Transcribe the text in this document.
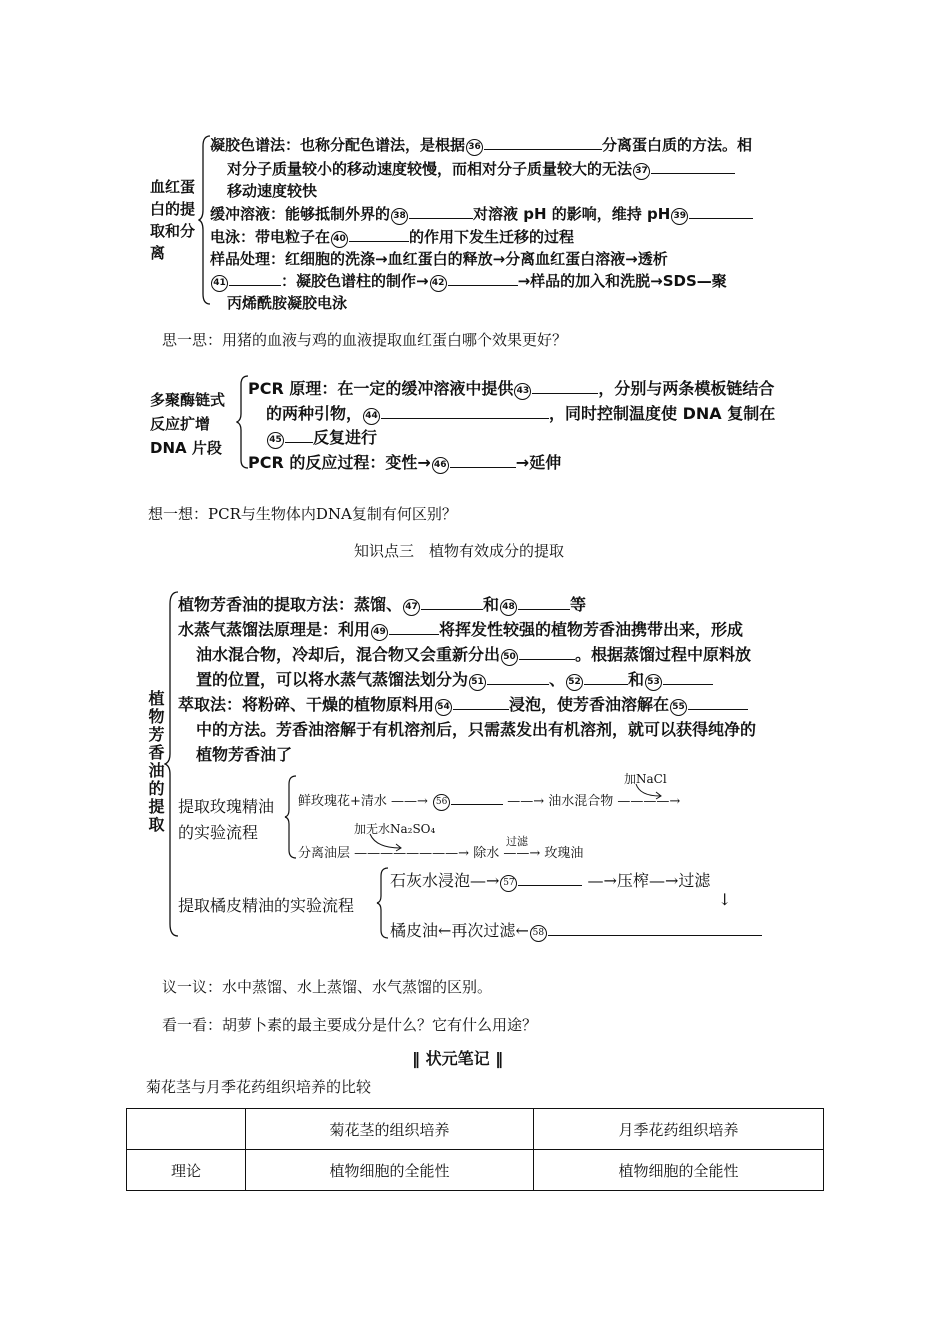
血红蛋
白的提
取和分
离
凝胶色谱法：也称分配色谱法，是根据 36	分离蛋白质的方法。相
对分子质量较小的移动速度较慢，而相对分子质量较大的无法 37
移动速度较快
缓冲溶液：能够抵制外界的 38	对溶液 pH 的影响，维持 pH 39
电泳：带电粒子在 40	的作用下发生迁移的过程
样品处理：红细胞的洗涤→血红蛋白的释放→分离血红蛋白溶液→透析
41	：凝胶色谱柱的制作→ 42	→样品的加入和洗脱→SDS—聚
丙烯酰胺凝胶电泳
思一思：用猪的血液与鸡的血液提取血红蛋白哪个效果更好？
多聚酶链式
反应扩增
DNA 片段
PCR 原理：在一定的缓冲溶液中提供 43	，分别与两条模板链结合
的两种引物， 44	，同时控制温度使 DNA 复制在
45 反复进行
PCR 的反应过程：变性→ 46	→延伸
想一想：PCR与生物体内DNA复制有何区别？
知识点三　植物有效成分的提取
植物芳香油的提取
植物芳香油的提取方法：蒸馏、 47	和 48	等
水蒸气蒸馏法原理是：利用 49	将挥发性较强的植物芳香油携带出来，形成
油水混合物，冷却后，混合物又会重新分出 50	。根据蒸馏过程中原料放
置的位置，可以将水蒸气蒸馏法划分为 51	、 52	和 53
萃取法：将粉碎、干燥的植物原料用 54	浸泡，使芳香油溶解在 55
中的方法。芳香油溶解于有机溶剂后，只需蒸发出有机溶剂，就可以获得纯净的
植物芳香油了
提取玫瑰精油
的实验流程
鲜玫瑰花+清水 ——→ 56	——→ 油水混合物 ————→
加NaCl
加无水Na₂SO₄
分离油层 ————————→ 除水 ——→ 玫瑰油
过滤
提取橘皮精油的实验流程
石灰水浸泡—→ 57	—→压榨—→过滤
↓
橘皮油←再次过滤← 58
议一议：水中蒸馏、水上蒸馏、水气蒸馏的区别。
看一看：胡萝卜素的最主要成分是什么？它有什么用途？
‖ 状元笔记 ‖
菊花茎与月季花药组织培养的比较
	菊花茎的组织培养	月季花药组织培养
理论	植物细胞的全能性	植物细胞的全能性
